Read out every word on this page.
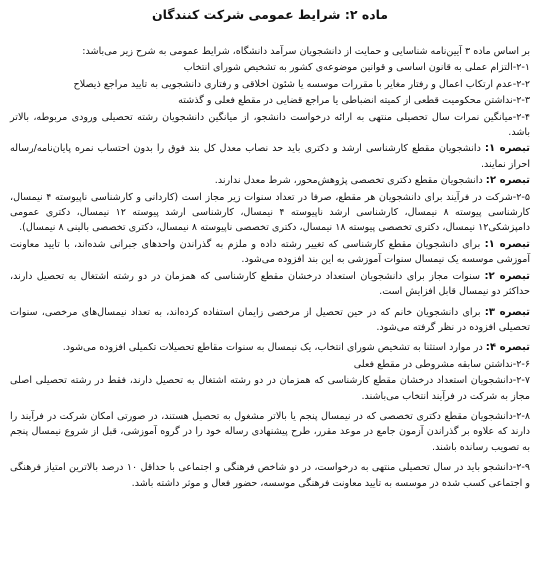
ماده ۲: شرایط عمومی شرکت کنندگان

بر اساس ماده ۳ آیین‌نامه شناسایی و حمایت از دانشجویان سرآمد دانشگاه، شرایط عمومی به شرح زیر می‌باشد:

۲-۱-التزام عملی به قانون اساسی و قوانین موضوعه‌ی کشور به تشخیص شورای انتخاب

۲-۲-عدم ارتکاب اعمال و رفتار مغایر با مقررات موسسه یا شئون اخلاقی و رفتاری دانشجویی به تایید مراجع ذیصلاح

۲-۳-نداشتن محکومیت قطعی از کمیته انضباطی یا مراجع قضایی در مقطع فعلی و گذشته

۲-۴-میانگین نمرات سال تحصیلی منتهی به ارائه درخواست دانشجو، از میانگین دانشجویان رشته تحصیلی ورودی مربوطه، بالاتر باشد.

تبصره ۱: دانشجویان مقطع کارشناسی ارشد و دکتری باید حد نصاب معدل کل بند فوق را بدون احتساب نمره پایان‌نامه/رساله احراز نمایند.

تبصره ۲: دانشجویان مقطع دکتری تخصصی پژوهش‌محور، شرط معدل ندارند.

۲-۵-شرکت در فرآیند برای دانشجویان هر مقطع، صرفا در تعداد سنوات زیر مجاز است (کاردانی و کارشناسی ناپیوسته ۴ نیمسال، کارشناسی پیوسته ۸ نیمسال، کارشناسی ارشد ناپیوسته ۴ نیمسال، کارشناسی ارشد پیوسته ۱۲ نیمسال، دکتری عمومی دامپزشکی۱۲ نیمسال، دکتری تخصصی پیوسته ۱۸ نیمسال، دکتری تخصصی ناپیوسته ۸ نیمسال، دکتری تخصصی بالینی ۸ نیمسال).

تبصره ۱: برای دانشجویان مقطع کارشناسی که تغییر رشته داده و ملزم به گذراندن واحدهای جبرانی شده‌اند، با تایید معاونت آموزشی موسسه یک نیمسال سنوات آموزشی به این بند افزوده می‌شود.

تبصره ۲: سنوات مجاز برای دانشجویان استعداد درخشان مقطع کارشناسی که همزمان در دو رشته اشتغال به تحصیل دارند، حداکثر دو نیمسال قابل افزایش است.

تبصره ۳: برای دانشجویان خانم که در حین تحصیل از مرخصی زایمان استفاده کرده‌اند، به تعداد نیمسال‌های مرخصی، سنوات تحصیلی افزوده در نظر گرفته می‌شود.

تبصره ۴: در موارد استثنا به تشخیص شورای انتخاب، یک نیمسال به سنوات مقاطع تحصیلات تکمیلی افزوده می‌شود.

۲-۶-نداشتن سابقه مشروطی در مقطع فعلی

۲-۷-دانشجویان استعداد درخشان مقطع کارشناسی که همزمان در دو رشته اشتغال به تحصیل دارند، فقط در رشته تحصیلی اصلی مجاز به شرکت در فرآیند انتخاب می‌باشند.

۲-۸-دانشجویان مقطع دکتری تخصصی که در نیمسال پنجم یا بالاتر مشغول به تحصیل هستند، در صورتی امکان شرکت در فرآیند را دارند که علاوه بر گذراندن آزمون جامع در موعد مقرر، طرح پیشنهادی رساله خود را در گروه آموزشی، قبل از شروع نیمسال پنجم به تصویب رسانده باشند.

۲-۹-دانشجو باید در سال تحصیلی منتهی به درخواست، در دو شاخص فرهنگی و اجتماعی با حداقل ۱۰ درصد بالاترین امتیاز فرهنگی و اجتماعی کسب شده در موسسه به تایید معاونت فرهنگی موسسه، حضور فعال و موثر داشته باشد.
